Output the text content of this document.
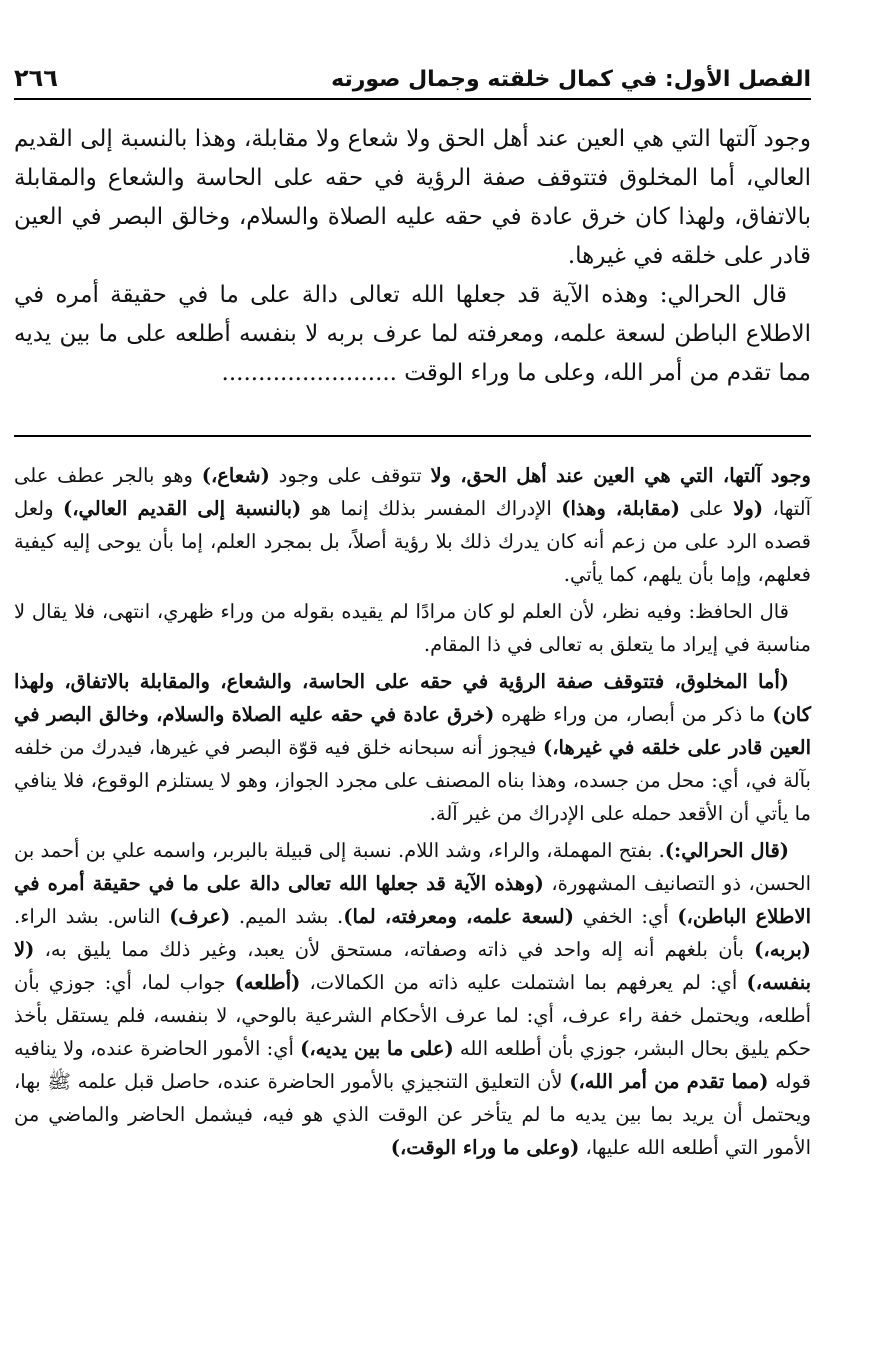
الفصل الأول: في كمال خلقته وجمال صورته
٢٦٦

وجود آلتها التي هي العين عند أهل الحق ولا شعاع ولا مقابلة، وهذا بالنسبة إلى القديم العالي، أما المخلوق فتتوقف صفة الرؤية في حقه على الحاسة والشعاع والمقابلة بالاتفاق، ولهذا كان خرق عادة في حقه عليه الصلاة والسلام، وخالق البصر في العين قادر على خلقه في غيرها.

قال الحرالي: وهذه الآية قد جعلها الله تعالى دالة على ما في حقيقة أمره في الاطلاع الباطن لسعة علمه، ومعرفته لما عرف بربه لا بنفسه أطلعه على ما بين يديه مما تقدم من أمر الله، وعلى ما وراء الوقت ........................

وجود آلتها، التي هي العين عند أهل الحق، ولا تتوقف على وجود (شعاع،) وهو بالجر عطف على آلتها، (ولا على (مقابلة، وهذا) الإدراك المفسر بذلك إنما هو (بالنسبة إلى القديم العالي،) ولعل قصده الرد على من زعم أنه كان يدرك ذلك بلا رؤية أصلاً، بل بمجرد العلم، إما بأن يوحى إليه كيفية فعلهم، وإما بأن يلهم، كما يأتي.

قال الحافظ: وفيه نظر، لأن العلم لو كان مرادًا لم يقيده بقوله من وراء ظهري، انتهى، فلا يقال لا مناسبة في إيراد ما يتعلق به تعالى في ذا المقام.

(أما المخلوق، فتتوقف صفة الرؤية في حقه على الحاسة، والشعاع، والمقابلة بالاتفاق، ولهذا كان) ما ذكر من أبصار، من وراء ظهره (خرق عادة في حقه عليه الصلاة والسلام، وخالق البصر في العين قادر على خلقه في غيرها،) فيجوز أنه سبحانه خلق فيه قوّة البصر في غيرها، فيدرك من خلفه بآلة في، أي: محل من جسده، وهذا بناه المصنف على مجرد الجواز، وهو لا يستلزم الوقوع، فلا ينافي ما يأتي أن الأقعد حمله على الإدراك من غير آلة.

(قال الحرالي:). بفتح المهملة، والراء، وشد اللام. نسبة إلى قبيلة بالبربر، واسمه علي بن أحمد بن الحسن، ذو التصانيف المشهورة، (وهذه الآية قد جعلها الله تعالى دالة على ما في حقيقة أمره في الاطلاع الباطن،) أي: الخفي (لسعة علمه، ومعرفته، لما). بشد الميم. (عرف) الناس. بشد الراء. (بربه،) بأن بلغهم أنه إله واحد في ذاته وصفاته، مستحق لأن يعبد، وغير ذلك مما يليق به، (لا بنفسه،) أي: لم يعرفهم بما اشتملت عليه ذاته من الكمالات، (أطلعه) جواب لما، أي: جوزي بأن أطلعه، ويحتمل خفة راء عرف، أي: لما عرف الأحكام الشرعية بالوحي، لا بنفسه، فلم يستقل بأخذ حكم يليق بحال البشر، جوزي بأن أطلعه الله (على ما بين يديه،) أي: الأمور الحاضرة عنده، ولا ينافيه قوله (مما تقدم من أمر الله،) لأن التعليق التنجيزي بالأمور الحاضرة عنده، حاصل قبل علمه ﷺ بها، ويحتمل أن يريد بما بين يديه ما لم يتأخر عن الوقت الذي هو فيه، فيشمل الحاضر والماضي من الأمور التي أطلعه الله عليها، (وعلى ما وراء الوقت،)
